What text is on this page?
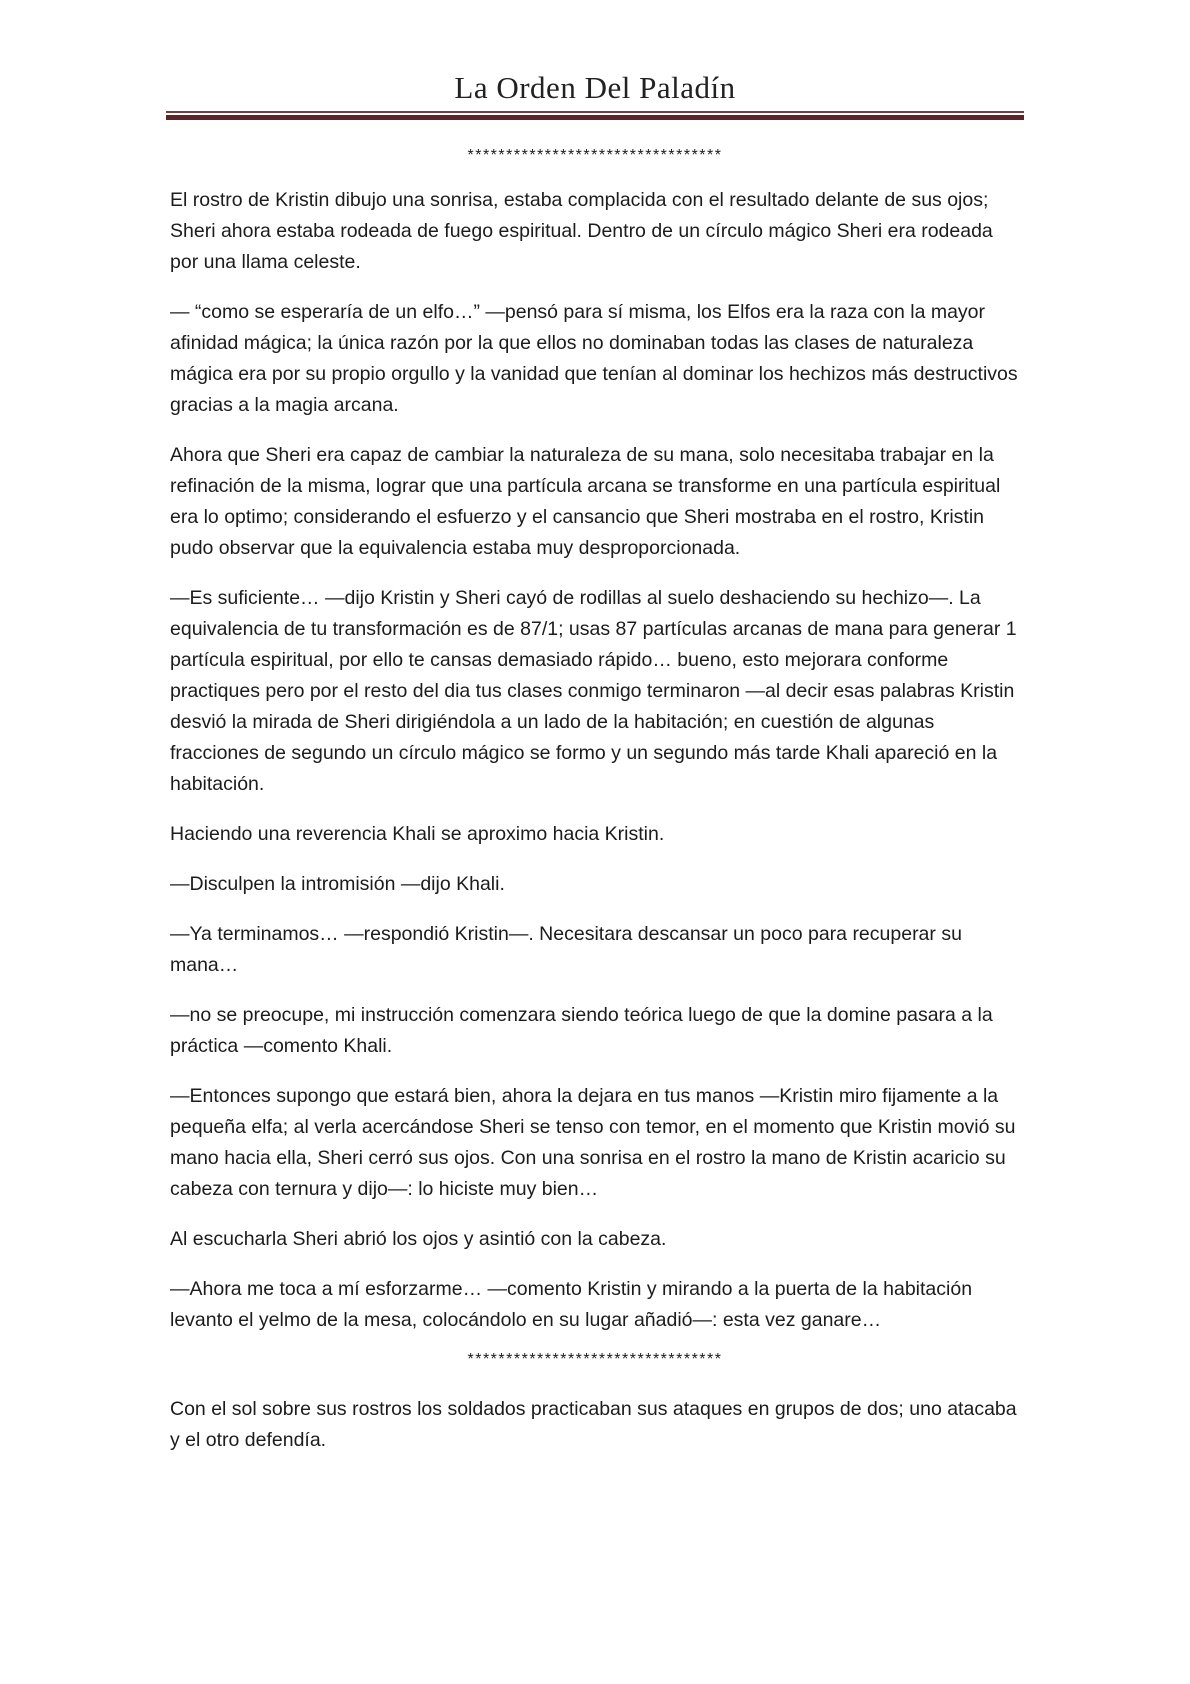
La Orden Del Paladín

*********************************

El rostro de Kristin dibujo una sonrisa, estaba complacida con el resultado delante de sus ojos; Sheri ahora estaba rodeada de fuego espiritual. Dentro de un círculo mágico Sheri era rodeada por una llama celeste.

— “como se esperaría de un elfo…” —pensó para sí misma, los Elfos era la raza con la mayor afinidad mágica; la única razón por la que ellos no dominaban todas las clases de naturaleza mágica era por su propio orgullo y la vanidad que tenían al dominar los hechizos más destructivos gracias a la magia arcana.

Ahora que Sheri era capaz de cambiar la naturaleza de su mana, solo necesitaba trabajar en la refinación de la misma, lograr que una partícula arcana se transforme en una partícula espiritual era lo optimo; considerando el esfuerzo y el cansancio que Sheri mostraba en el rostro, Kristin pudo observar que la equivalencia estaba muy desproporcionada.

—Es suficiente… —dijo Kristin y Sheri cayó de rodillas al suelo deshaciendo su hechizo—. La equivalencia de tu transformación es de 87/1; usas 87 partículas arcanas de mana para generar 1 partícula espiritual, por ello te cansas demasiado rápido… bueno, esto mejorara conforme practiques pero por el resto del dia tus clases conmigo terminaron —al decir esas palabras Kristin desvió la mirada de Sheri dirigiéndola a un lado de la habitación; en cuestión de algunas fracciones de segundo un círculo mágico se formo y un segundo más tarde Khali apareció en la habitación.

Haciendo una reverencia Khali se aproximo hacia Kristin.

—Disculpen la intromisión —dijo Khali.

—Ya terminamos… —respondió Kristin—. Necesitara descansar un poco para recuperar su mana…

—no se preocupe, mi instrucción comenzara siendo teórica luego de que la domine pasara a la práctica —comento Khali.

—Entonces supongo que estará bien, ahora la dejara en tus manos —Kristin miro fijamente a la pequeña elfa; al verla acercándose Sheri se tenso con temor, en el momento que Kristin movió su mano hacia ella, Sheri cerró sus ojos. Con una sonrisa en el rostro la mano de Kristin acaricio su cabeza con ternura y dijo—: lo hiciste muy bien…

Al escucharla Sheri abrió los ojos y asintió con la cabeza.

—Ahora me toca a mí esforzarme… —comento Kristin y mirando a la puerta de la habitación levanto el yelmo de la mesa, colocándolo en su lugar añadió—: esta vez ganare…

*********************************

Con el sol sobre sus rostros los soldados practicaban sus ataques en grupos de dos; uno atacaba y el otro defendía.
